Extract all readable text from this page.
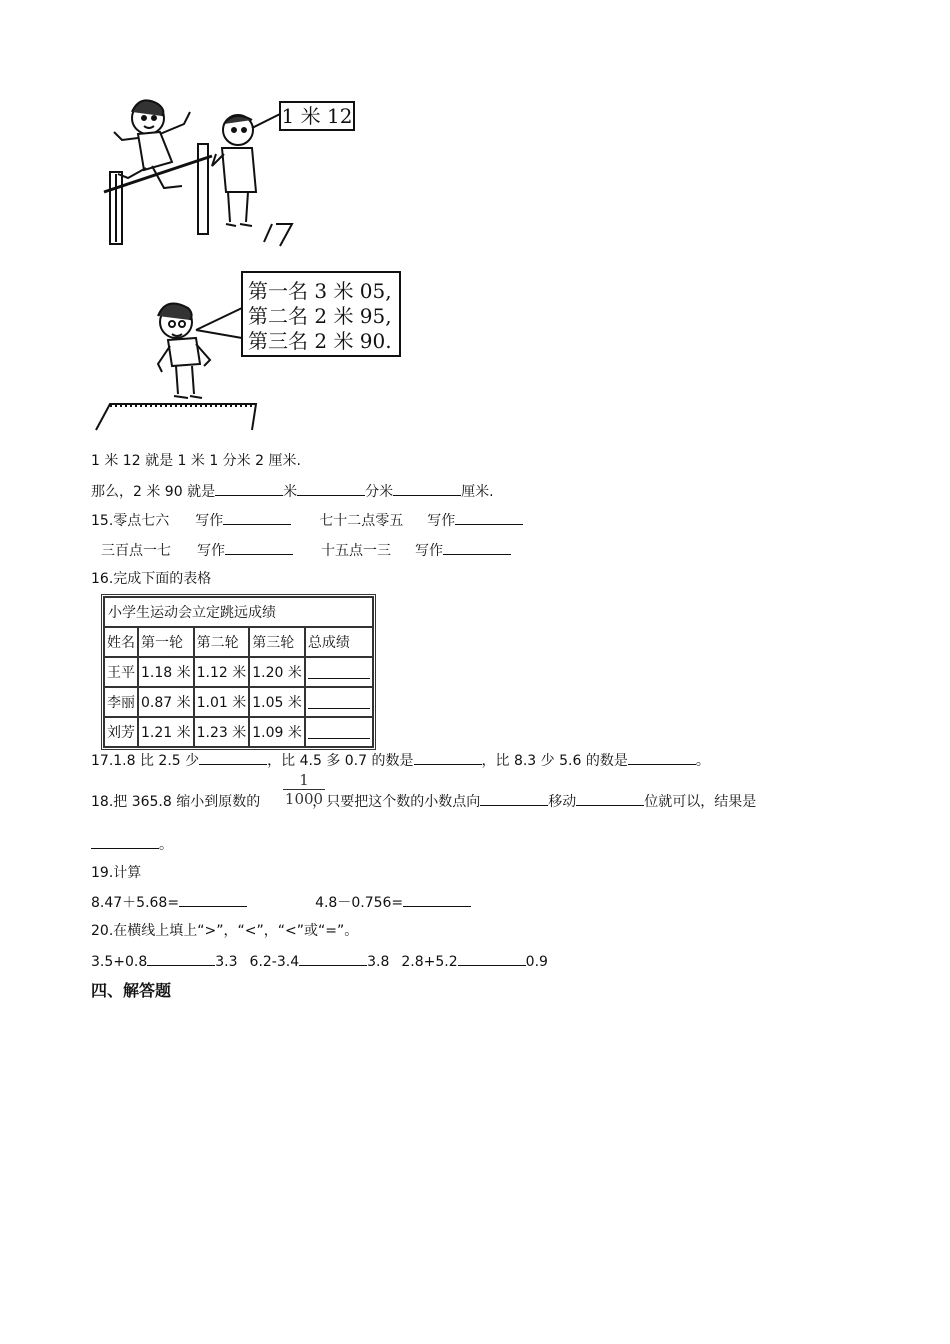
1 米 12
第一名 3 米 05,
第二名 2 米 95,
第三名 2 米 90.
1 米 12 就是 1 米 1 分米 2 厘米.
那么，2 米 90 就是	米	分米	厘米.
15.零点七六 写作	七十二点零五 写作
三百点一七 写作	十五点一三 写作
16.完成下面的表格
小学生运动会立定跳远成绩				
姓名	第一轮	第二轮	第三轮	总成绩
王平	1.18 米	1.12 米	1.20 米	
李丽	0.87 米	1.01 米	1.05 米	
刘芳	1.21 米	1.23 米	1.09 米	
17.1.8 比 2.5 少	，比 4.5 多 0.7 的数是	，比 8.3 少 5.6 的数是	。
18.把 365.8 缩小到原数的	，只要把这个数的小数点向	移动	位就可以，结果是
1
1000
。
19.计算
8.47＋5.68=	4.8－0.756=
20.在横线上填上“>”，“<”，“<”或“=”。
3.5+0.8	3.3 6.2-3.4	3.8 2.8+5.2	0.9
四、解答题
